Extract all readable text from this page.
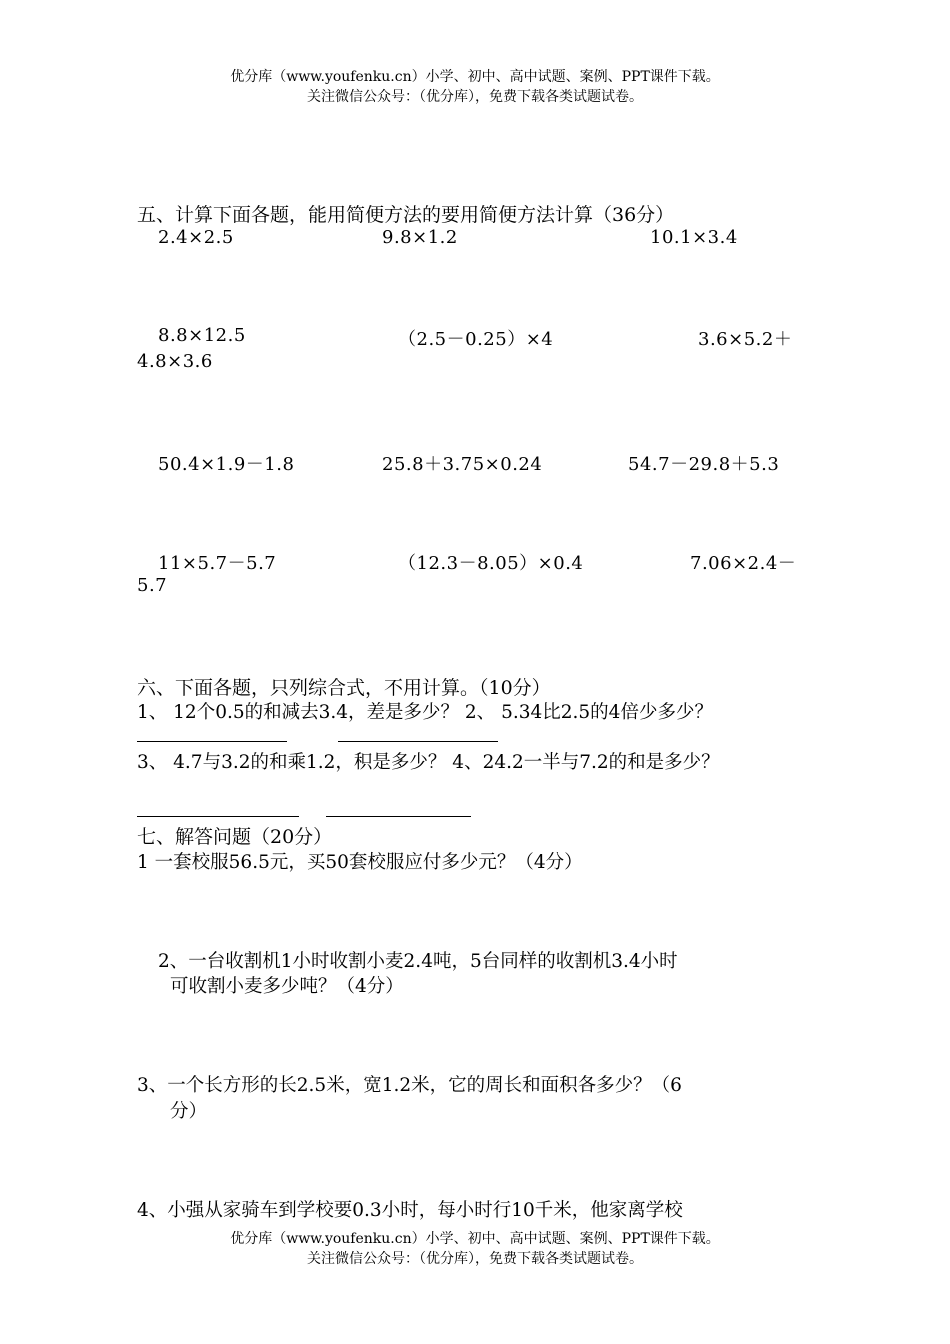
优分库（www.youfenku.cn）小学、初中、高中试题、案例、PPT课件下载。
关注微信公众号：（优分库），免费下载各类试题试卷。
五、计算下面各题，能用简便方法的要用简便方法计算（36分）
2.4×2.5	9.8×1.2	10.1×3.4
8.8×12.5	（2.5－0.25）×4	3.6×5.2＋
4.8×3.6
50.4×1.9－1.8	25.8＋3.75×0.24	54.7－29.8＋5.3
11×5.7－5.7	（12.3－8.05）×0.4	7.06×2.4－
5.7
六、下面各题，只列综合式，不用计算。（10分）
1、 12个0.5的和减去3.4，差是多少？ 2、 5.34比2.5的4倍少多少？
3、 4.7与3.2的和乘1.2，积是多少？ 4、24.2一半与7.2的和是多少？
七、解答问题（20分）
1 一套校服56.5元，买50套校服应付多少元？（4分）
2、一台收割机1小时收割小麦2.4吨，5台同样的收割机3.4小时
可收割小麦多少吨？（4分）
3、一个长方形的长2.5米，宽1.2米，它的周长和面积各多少？（6
分）
4、小强从家骑车到学校要0.3小时，每小时行10千米，他家离学校
优分库（www.youfenku.cn）小学、初中、高中试题、案例、PPT课件下载。
关注微信公众号：（优分库），免费下载各类试题试卷。
